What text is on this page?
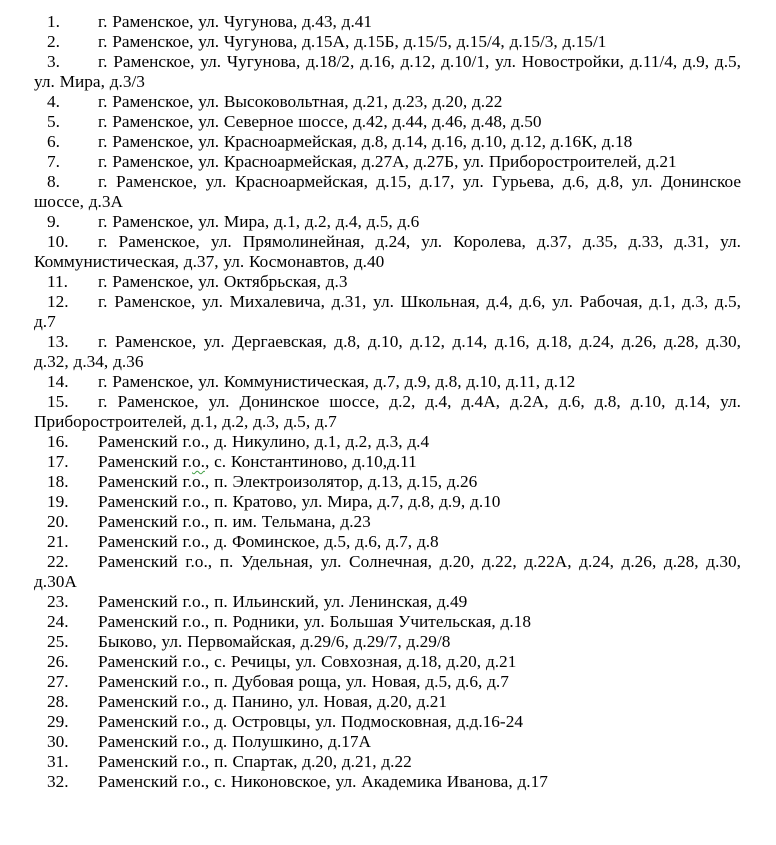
1. г. Раменское, ул. Чугунова, д.43, д.41

2. г. Раменское, ул. Чугунова, д.15А, д.15Б, д.15/5, д.15/4, д.15/3, д.15/1

3. г. Раменское, ул. Чугунова, д.18/2, д.16, д.12, д.10/1, ул. Новостройки, д.11/4, д.9, д.5, ул. Мира, д.3/3

4. г. Раменское, ул. Высоковольтная, д.21, д.23, д.20, д.22

5. г. Раменское, ул. Северное шоссе, д.42, д.44, д.46, д.48, д.50

6. г. Раменское, ул. Красноармейская, д.8, д.14, д.16, д.10, д.12, д.16К, д.18

7. г. Раменское, ул. Красноармейская, д.27А, д.27Б, ул. Приборостроителей, д.21

8. г. Раменское, ул. Красноармейская, д.15, д.17, ул. Гурьева, д.6, д.8, ул. Донинское шоссе, д.3А

9. г. Раменское, ул. Мира, д.1, д.2, д.4, д.5, д.6

10. г. Раменское, ул. Прямолинейная, д.24, ул. Королева, д.37, д.35, д.33, д.31, ул. Коммунистическая, д.37, ул. Космонавтов, д.40

11. г. Раменское, ул. Октябрьская, д.3

12. г. Раменское, ул. Михалевича, д.31, ул. Школьная, д.4, д.6, ул. Рабочая, д.1, д.3, д.5, д.7

13. г. Раменское, ул. Дергаевская, д.8, д.10, д.12, д.14, д.16, д.18, д.24, д.26, д.28, д.30, д.32, д.34, д.36

14. г. Раменское, ул. Коммунистическая, д.7, д.9, д.8, д.10, д.11, д.12

15. г. Раменское, ул. Донинское шоссе, д.2, д.4, д.4А, д.2А, д.6, д.8, д.10, д.14, ул. Приборостроителей, д.1, д.2, д.3, д.5, д.7

16. Раменский г.о., д. Никулино, д.1, д.2, д.3, д.4

17. Раменский г.о., с. Константиново, д.10,д.11

18. Раменский г.о., п. Электроизолятор, д.13, д.15, д.26

19. Раменский г.о., п. Кратово, ул. Мира, д.7, д.8, д.9, д.10

20. Раменский г.о., п. им. Тельмана, д.23

21. Раменский г.о., д. Фоминское, д.5, д.6, д.7, д.8

22. Раменский г.о., п. Удельная, ул. Солнечная, д.20, д.22, д.22А, д.24, д.26, д.28, д.30, д.30А

23. Раменский г.о., п. Ильинский, ул. Ленинская, д.49

24. Раменский г.о., п. Родники, ул. Большая Учительская, д.18

25. Быково, ул. Первомайская, д.29/6, д.29/7, д.29/8

26. Раменский г.о., с. Речицы, ул. Совхозная, д.18, д.20, д.21

27. Раменский г.о., п. Дубовая роща, ул. Новая, д.5, д.6, д.7

28. Раменский г.о., д. Панино, ул. Новая, д.20, д.21

29. Раменский г.о., д. Островцы, ул. Подмосковная, д.д.16-24

30. Раменский г.о., д. Полушкино, д.17А

31. Раменский г.о., п. Спартак, д.20, д.21, д.22

32. Раменский г.о., с. Никоновское, ул. Академика Иванова, д.17
